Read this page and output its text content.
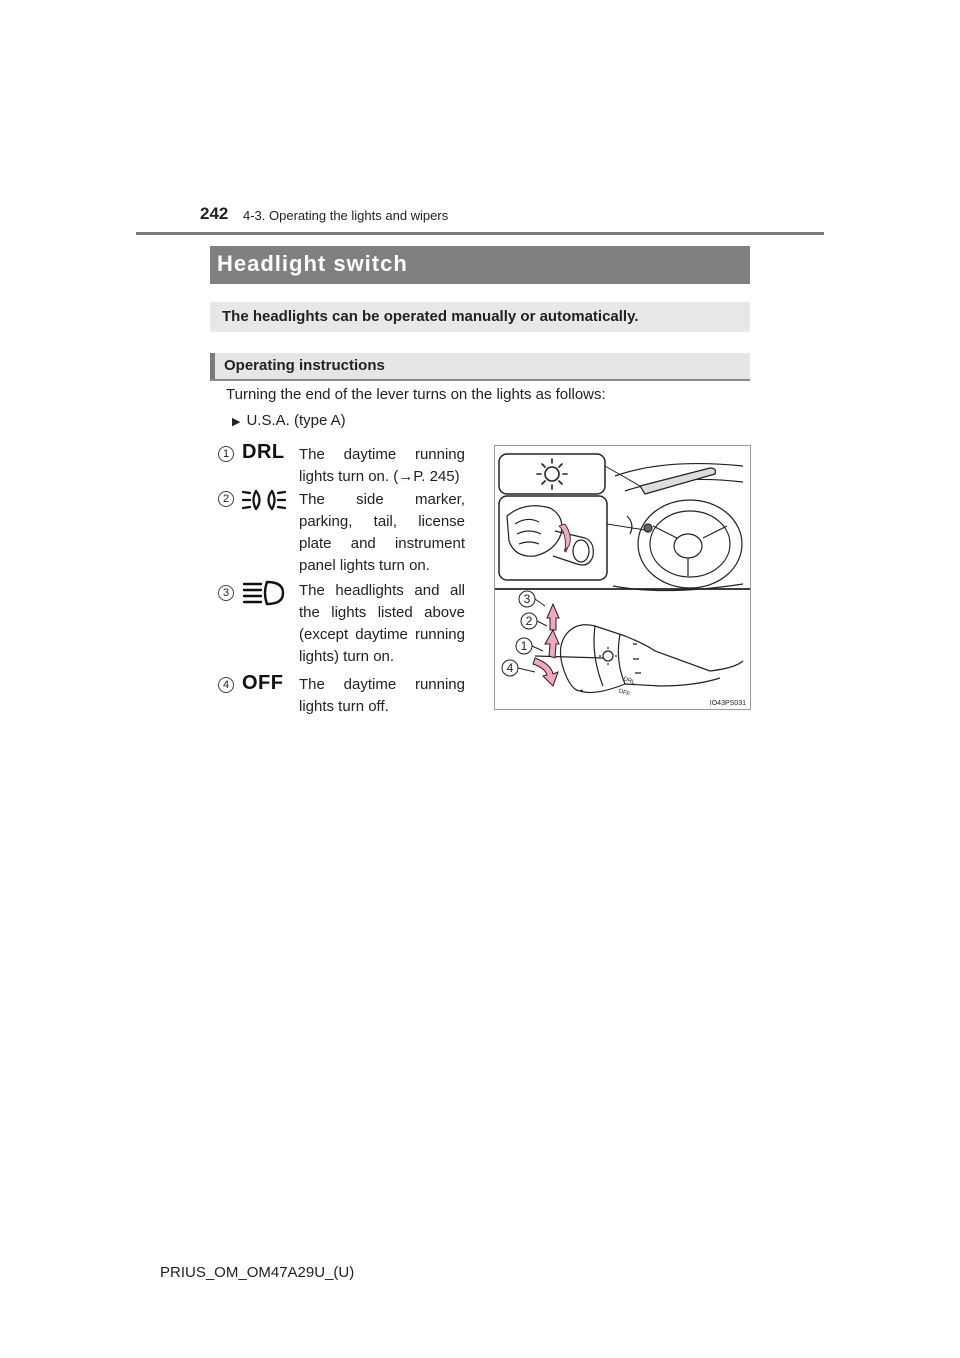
242 4-3. Operating the lights and wipers
Headlight switch
The headlights can be operated manually or automatically.
Operating instructions
Turning the end of the lever turns on the lights as follows:
▶ U.S.A. (type A)
1 DRL The daytime running lights turn on. (→P. 245)
2	The side marker, parking, tail, license plate and instrument panel lights turn on.
3	The headlights and all the lights listed above (except daytime running lights) turn on.
4 OFF The daytime running lights turn off.
DRL
OFF
3
2
1
4
IO43PS031
PRIUS_OM_OM47A29U_(U)
